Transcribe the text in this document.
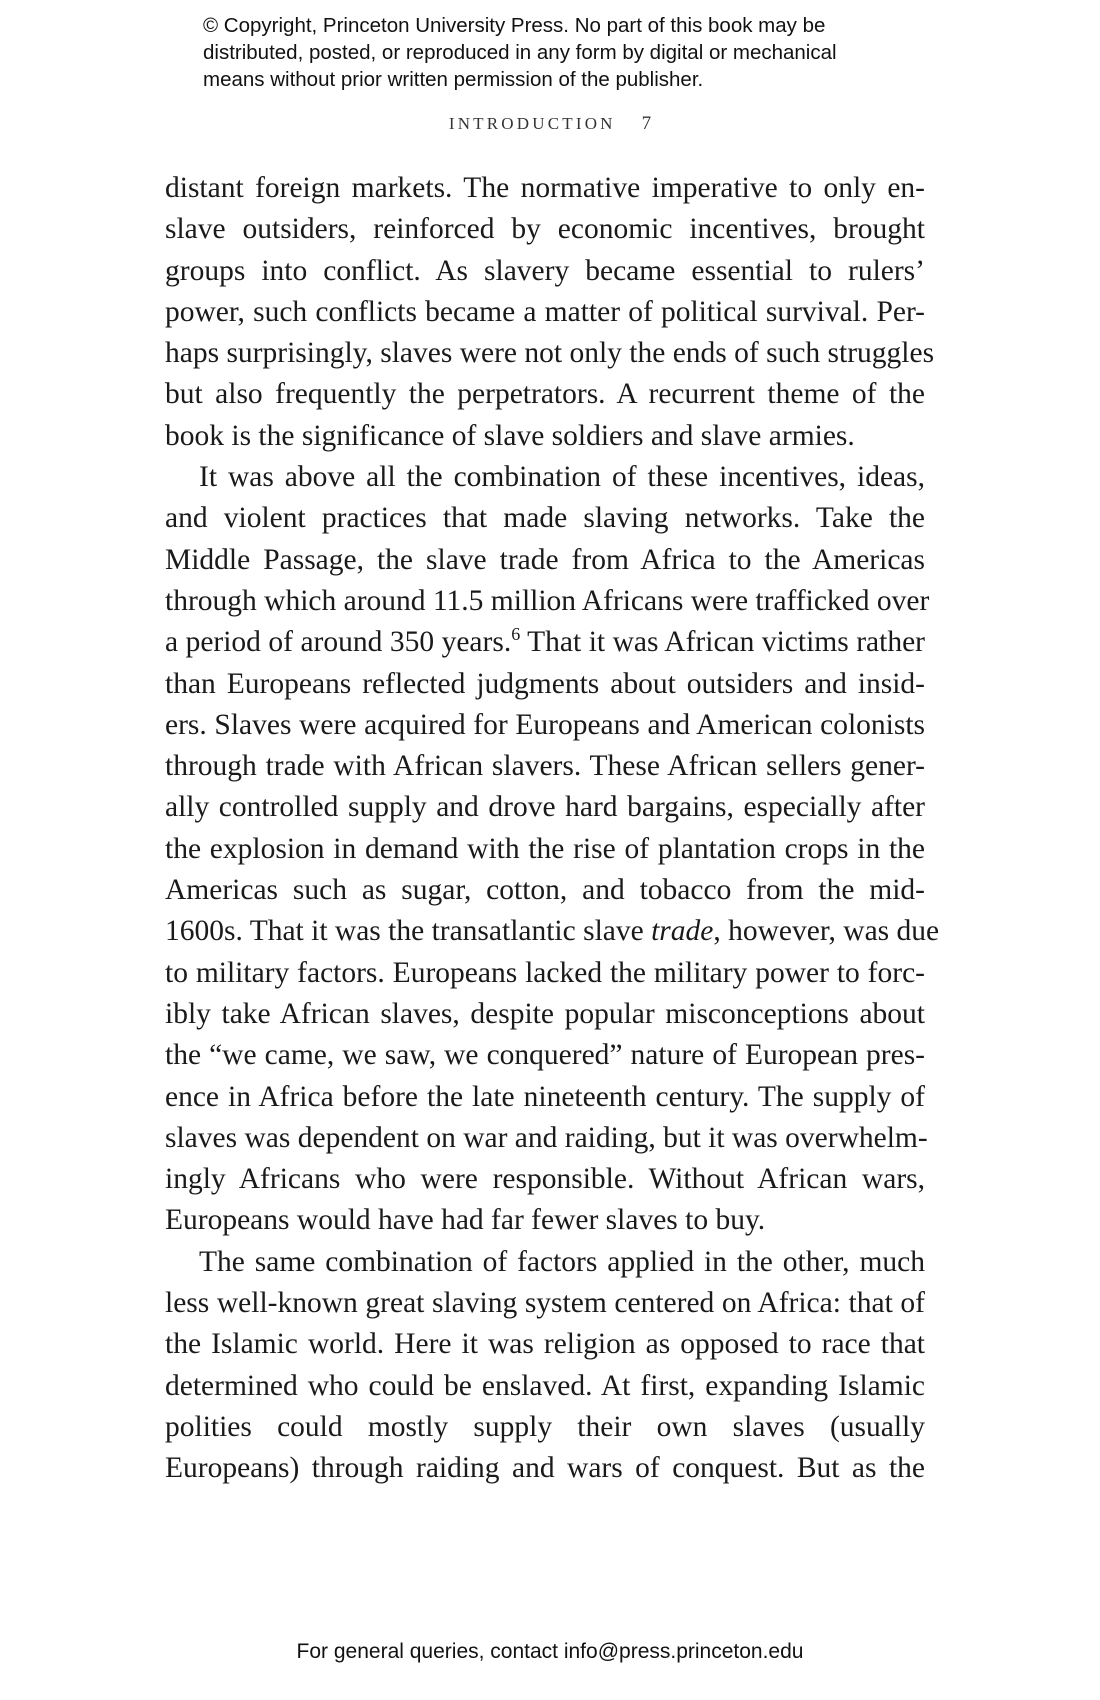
© Copyright, Princeton University Press. No part of this book may be
distributed, posted, or reproduced in any form by digital or mechanical
means without prior written permission of the publisher.
INTRODUCTION 7
distant foreign markets. The normative imperative to only en-
slave outsiders, reinforced by economic incentives, brought
groups into conflict. As slavery became essential to rulers’
power, such conflicts became a matter of political survival. Per-
haps surprisingly, slaves were not only the ends of such struggles
but also frequently the perpetrators. A recurrent theme of the
book is the significance of slave soldiers and slave armies.
It was above all the combination of these incentives, ideas,
and violent practices that made slaving networks. Take the
Middle Passage, the slave trade from Africa to the Americas
through which around 11.5 million Africans were trafficked over
a period of around 350 years.$^6$ That it was African victims rather
than Europeans reflected judgments about outsiders and insid-
ers. Slaves were acquired for Europeans and American colonists
through trade with African slavers. These African sellers gener-
ally controlled supply and drove hard bargains, especially after
the explosion in demand with the rise of plantation crops in the
Americas such as sugar, cotton, and tobacco from the mid-
1600s. That it was the transatlantic slave trade, however, was due
to military factors. Europeans lacked the military power to forc-
ibly take African slaves, despite popular misconceptions about
the “we came, we saw, we conquered” nature of European pres-
ence in Africa before the late nineteenth century. The supply of
slaves was dependent on war and raiding, but it was overwhelm-
ingly Africans who were responsible. Without African wars,
Europeans would have had far fewer slaves to buy.
The same combination of factors applied in the other, much
less well-known great slaving system centered on Africa: that of
the Islamic world. Here it was religion as opposed to race that
determined who could be enslaved. At first, expanding Islamic
polities could mostly supply their own slaves (usually
Europeans) through raiding and wars of conquest. But as the
For general queries, contact info@press.princeton.edu
